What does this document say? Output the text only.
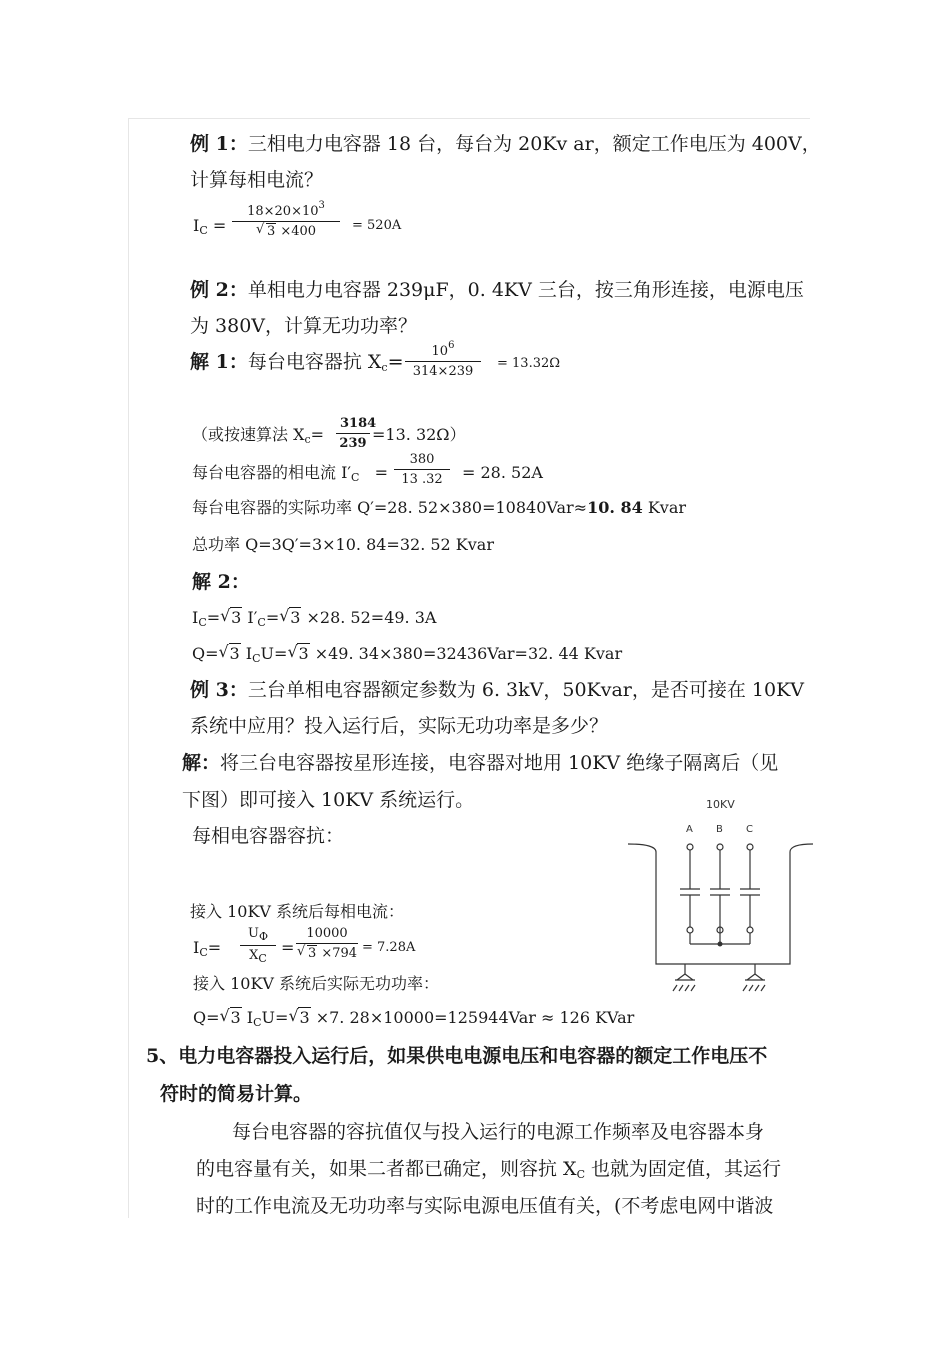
例 1：三相电力电容器 18 台，每台为 20Kv ar，额定工作电压为 400V，
计算每相电流？
$I_C = 18\times 20\times 10^3$
√ 3 ×400 = 520A
例 2：单相电力电容器 239μF，0. 4KV 三台，按三角形连接，电源电压
为 380V，计算无功功率？
解 1：每台电容器抗 $X_c= \frac{10^6}{314\times 239} = 13.32\Omega$
（或按速算法 $X_c= \frac{3184}{239} =13$. 32Ω）
每台电容器的相电流 $I'_C = \frac{380}{13 .32} = 28$. 52A
每台电容器的实际功率 Q′=28. 52×380=10840Var≈10. 84 Kvar
总功率 Q=3Q′=3×10. 84=32. 52 Kvar
解 2：
$I_C=√$ 3 $I'_C=√$ 3 ×28. 52=49. 3A
Q=√ 3 $I_CU=√$ 3 ×49. 34×380=32436Var=32. 44 Kvar
例 3：三台单相电容器额定参数为 6. 3kV，50Kvar，是否可接在 10KV
系统中应用？投入运行后，实际无功功率是多少？
解：将三台电容器按星形连接，电容器对地用 10KV 绝缘子隔离后（见
下图）即可接入 10KV 系统运行。
每相电容器容抗：
接入 10KV 系统后每相电流：
$I_C= \frac{U_\Phi}{X_C} = 10000$
√ 3 ×794 = 7.28A
接入 10KV 系统后实际无功功率：
Q=√ 3 $I_CU=√$ 3 ×7. 28×10000=125944Var ≈ 126 KVar
10KV
A B C
5、电力电容器投入运行后，如果供电电源电压和电容器的额定工作电压不
符时的简易计算。
每台电容器的容抗值仅与投入运行的电源工作频率及电容器本身
的电容量有关，如果二者都已确定，则容抗 $X_C$ 也就为固定值，其运行
时的工作电流及无功功率与实际电源电压值有关，(不考虑电网中谐波
